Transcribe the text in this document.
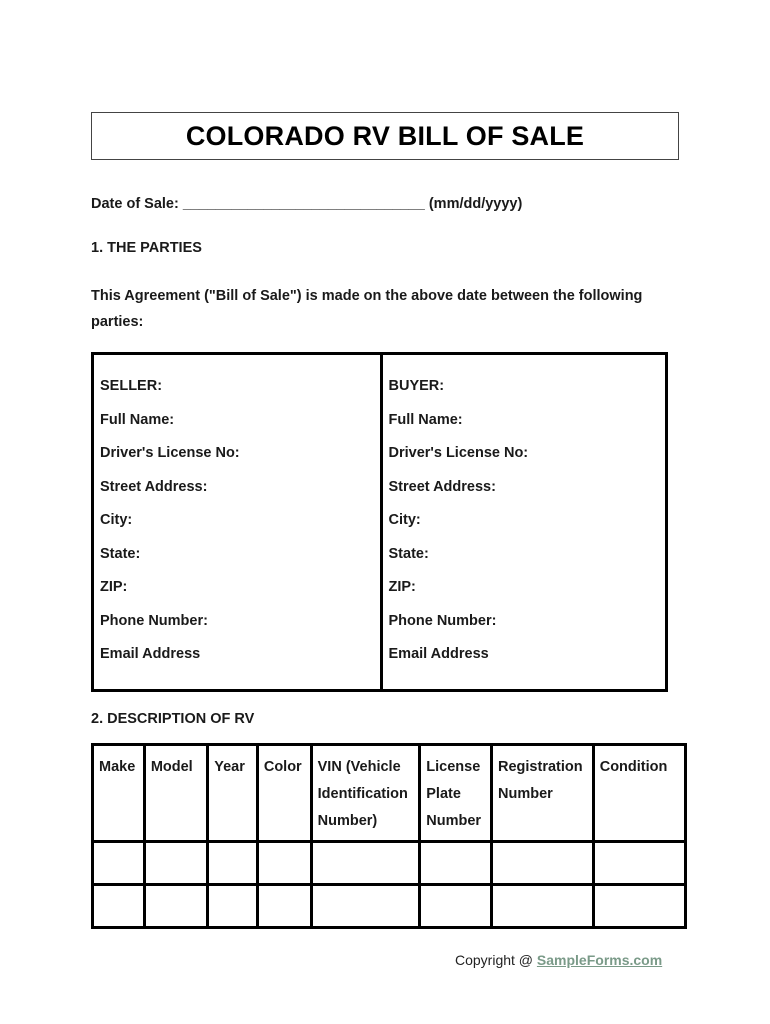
COLORADO RV BILL OF SALE
Date of Sale: ______________________________ (mm/dd/yyyy)
1. THE PARTIES
This Agreement ("Bill of Sale") is made on the above date between the following parties:
SELLER:
Full Name:
Driver's License No:
Street Address:
City:
State:
ZIP:
Phone Number:
Email Address
BUYER:
Full Name:
Driver's License No:
Street Address:
City:
State:
ZIP:
Phone Number:
Email Address
2. DESCRIPTION OF RV
Make	Model	Year	Color	VIN (Vehicle Identification Number)	License Plate Number	Registration Number	Condition

Copyright @ SampleForms.com
